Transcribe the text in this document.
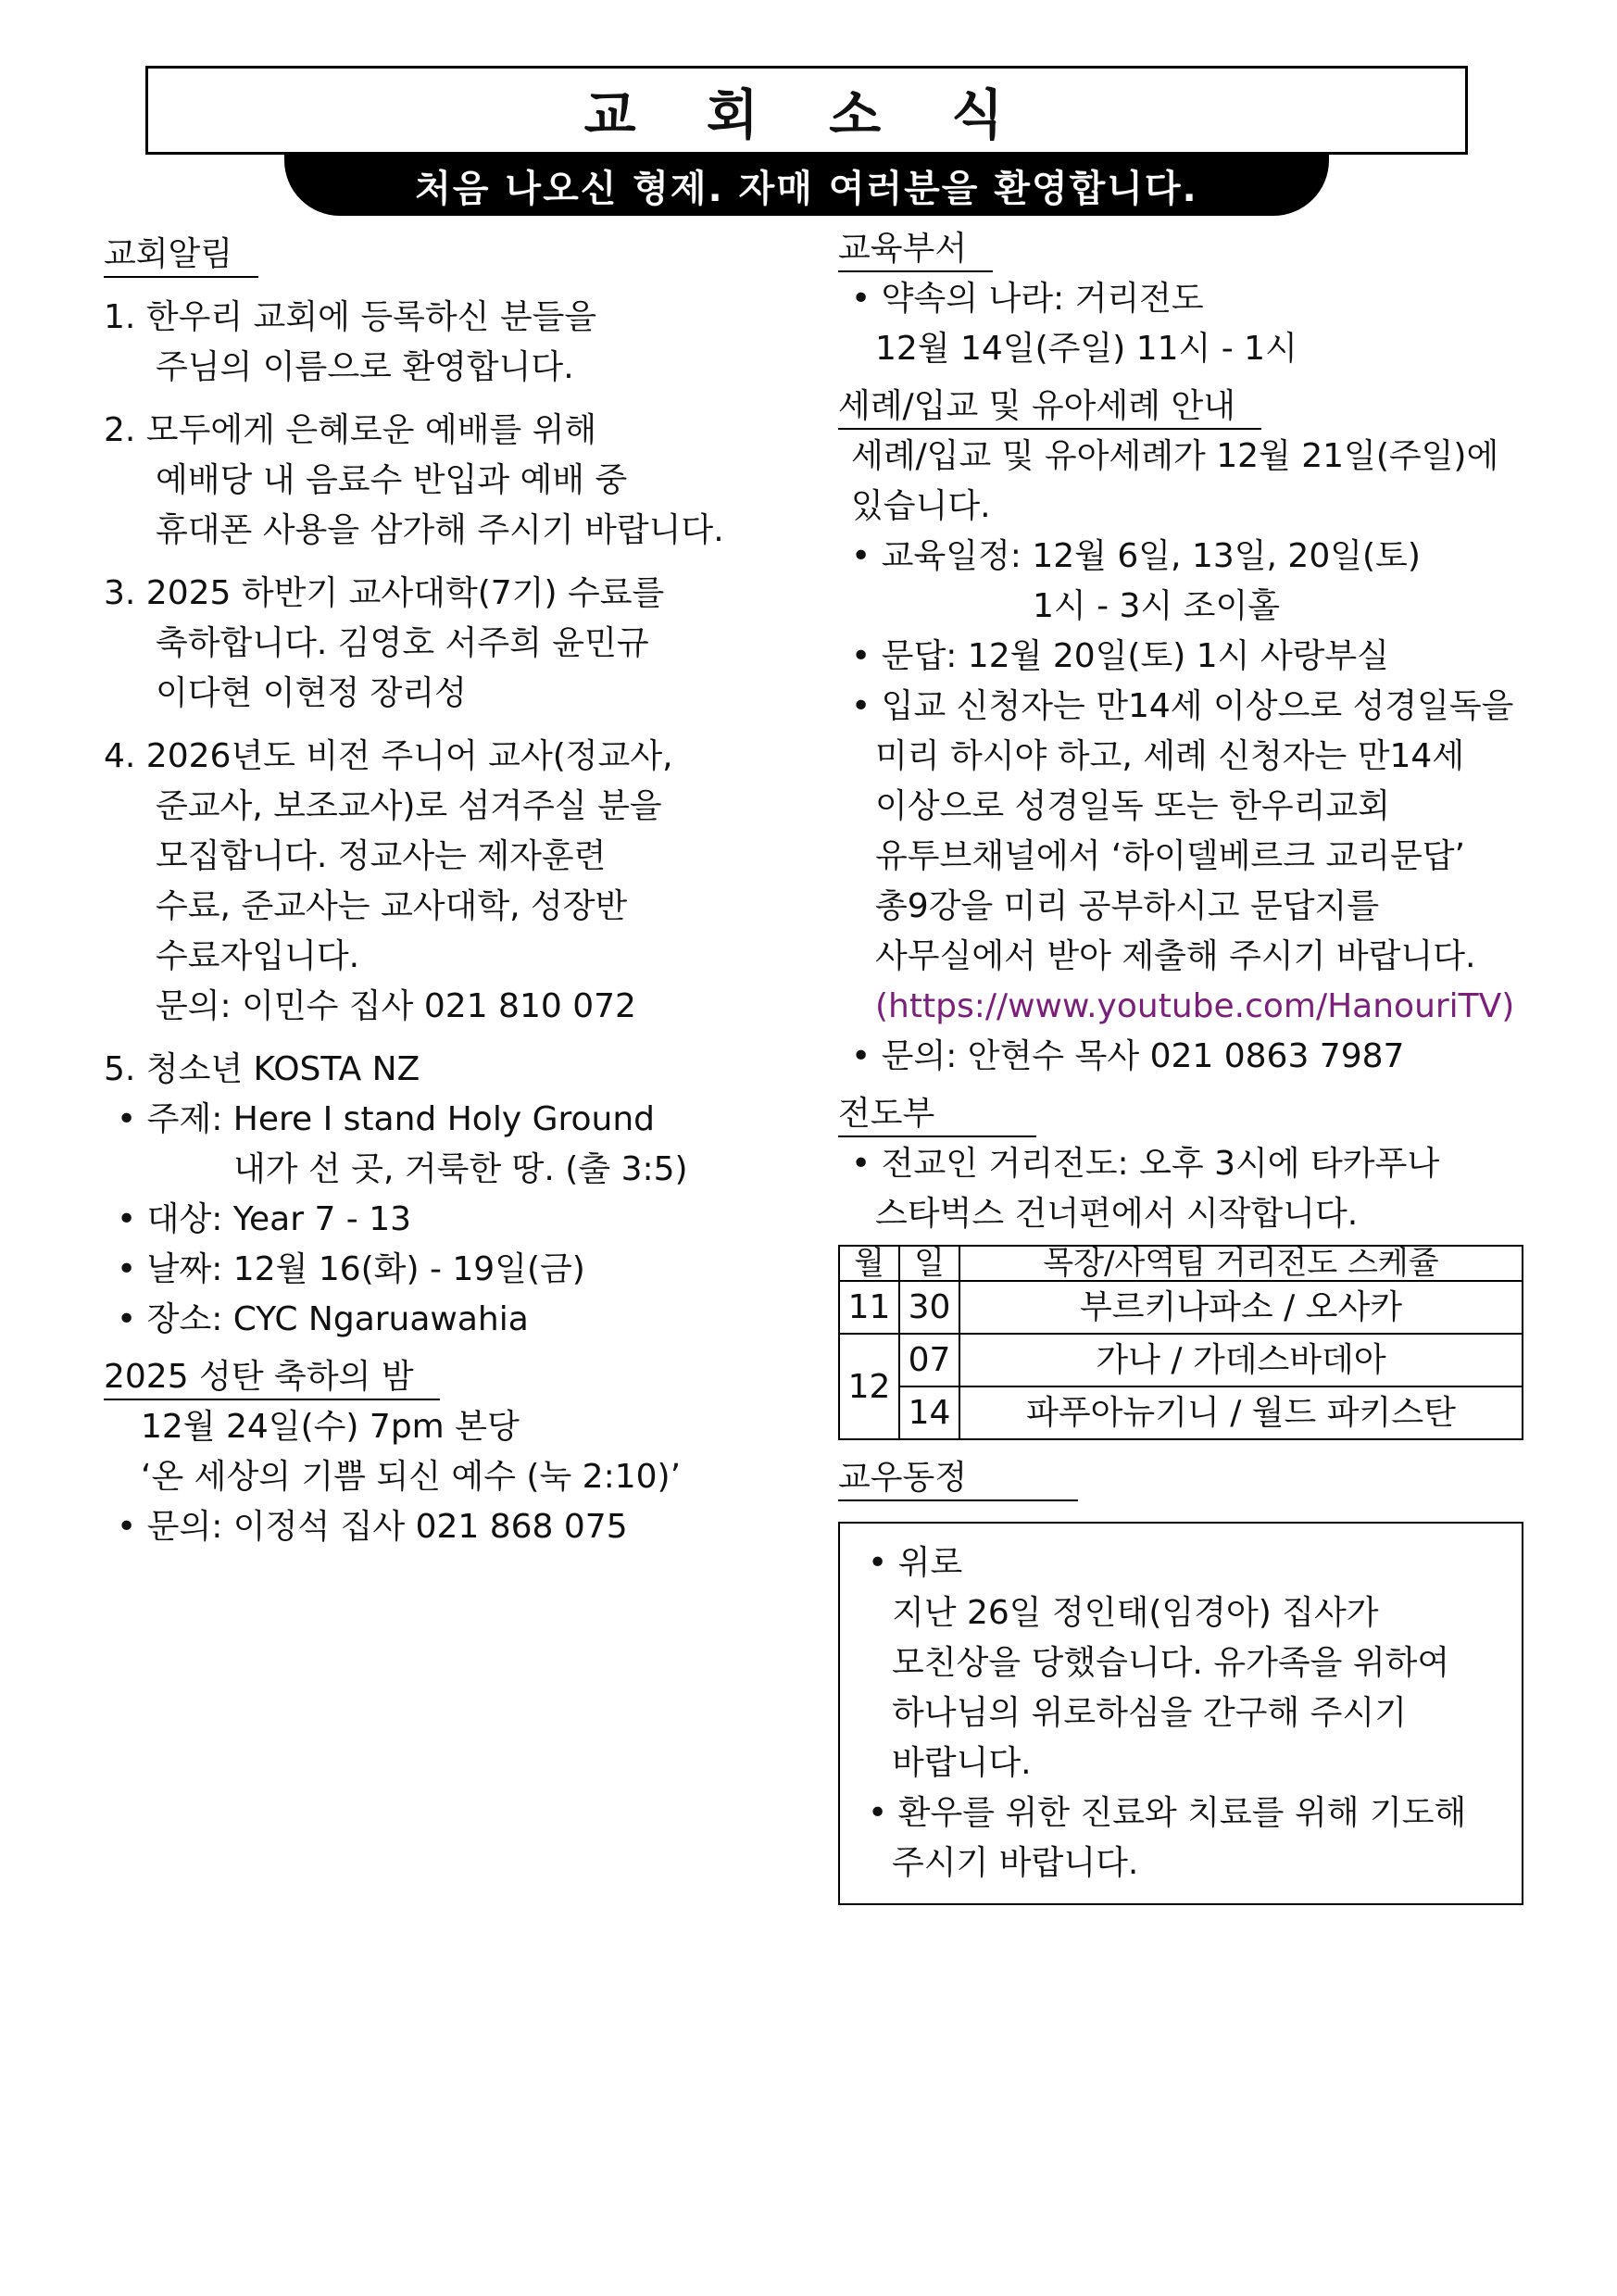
교 회 소 식
처음 나오신 형제. 자매 여러분을 환영합니다.
교회알림
1. 한우리 교회에 등록하신 분들을
주님의 이름으로 환영합니다.
2. 모두에게 은혜로운 예배를 위해
예배당 내 음료수 반입과 예배 중
휴대폰 사용을 삼가해 주시기 바랍니다.
3. 2025 하반기 교사대학(7기) 수료를
축하합니다. 김영호 서주희 윤민규
이다현 이현정 장리성
4. 2026년도 비전 주니어 교사(정교사,
준교사, 보조교사)로 섬겨주실 분을
모집합니다. 정교사는 제자훈련
수료, 준교사는 교사대학, 성장반
수료자입니다.
문의: 이민수 집사 021 810 072
5. 청소년 KOSTA NZ
• 주제: Here I stand Holy Ground
내가 선 곳, 거룩한 땅. (출 3:5)
• 대상: Year 7 - 13
• 날짜: 12월 16(화) - 19일(금)
• 장소: CYC Ngaruawahia
2025 성탄 축하의 밤
12월 24일(수) 7pm 본당
‘온 세상의 기쁨 되신 예수 (눅 2:10)’
• 문의: 이정석 집사 021 868 075
교육부서
• 약속의 나라: 거리전도
12월 14일(주일) 11시 - 1시
세례/입교 및 유아세례 안내
세례/입교 및 유아세례가 12월 21일(주일)에
있습니다.
• 교육일정: 12월 6일, 13일, 20일(토)
1시 - 3시 조이홀
• 문답: 12월 20일(토) 1시 사랑부실
• 입교 신청자는 만14세 이상으로 성경일독을
미리 하시야 하고, 세례 신청자는 만14세
이상으로 성경일독 또는 한우리교회
유투브채널에서 ‘하이델베르크 교리문답’
총9강을 미리 공부하시고 문답지를
사무실에서 받아 제출해 주시기 바랍니다.
(https://www.youtube.com/HanouriTV)
• 문의: 안현수 목사 021 0863 7987
전도부
• 전교인 거리전도: 오후 3시에 타카푸나
스타벅스 건너편에서 시작합니다.
월	일	목장/사역팀 거리전도 스케쥴
11	30	부르키나파소 / 오사카
12	07	가나 / 가데스바데아
	14	파푸아뉴기니 / 월드 파키스탄
교우동정
• 위로
지난 26일 정인태(임경아) 집사가
모친상을 당했습니다. 유가족을 위하여
하나님의 위로하심을 간구해 주시기
바랍니다.
• 환우를 위한 진료와 치료를 위해 기도해
주시기 바랍니다.
